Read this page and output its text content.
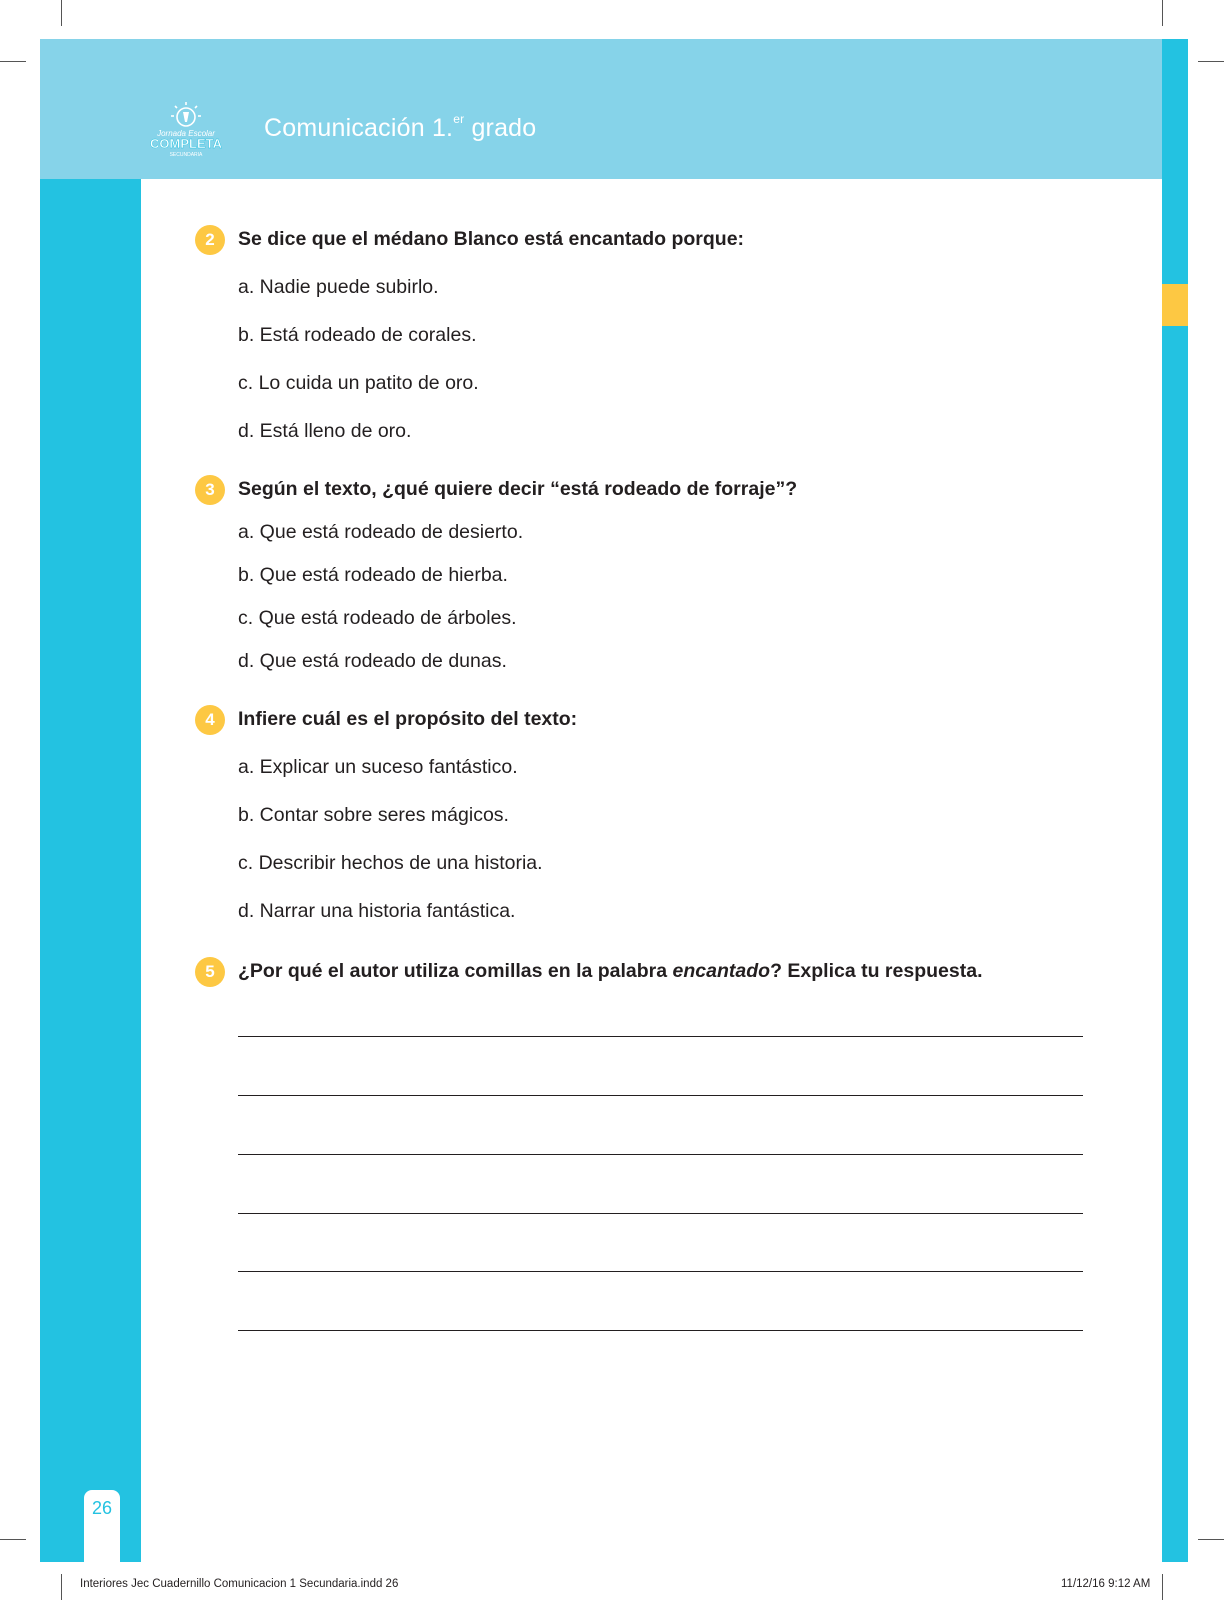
26
Jornada Escolar
COMPLETA
SECUNDARIA
Comunicación 1.$^{er}$ grado
2	Se dice que el médano Blanco está encantado porque:
a. Nadie puede subirlo.
b. Está rodeado de corales.
c. Lo cuida un patito de oro.
d. Está lleno de oro.
3	Según el texto, ¿qué quiere decir “está rodeado de forraje”?
a. Que está rodeado de desierto.
b. Que está rodeado de hierba.
c. Que está rodeado de árboles.
d. Que está rodeado de dunas.
4	Infiere cuál es el propósito del texto:
a. Explicar un suceso fantástico.
b. Contar sobre seres mágicos.
c. Describir hechos de una historia.
d. Narrar una historia fantástica.
5	¿Por qué el autor utiliza comillas en la palabra encantado? Explica tu respuesta.
Interiores Jec Cuadernillo Comunicacion 1 Secundaria.indd 26	11/12/16 9:12 AM
